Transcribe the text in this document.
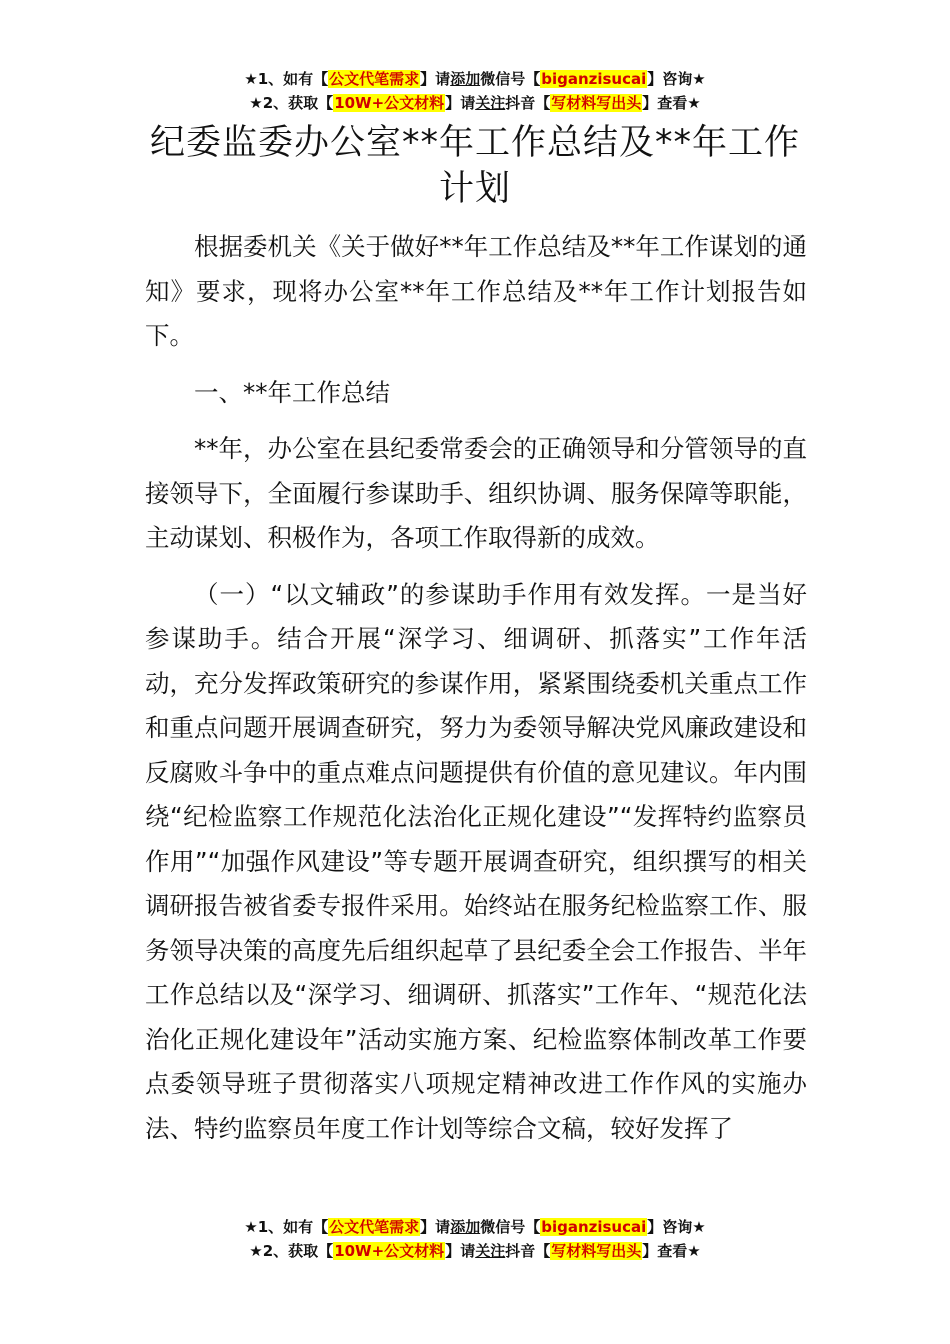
★1、如有【公文代笔需求】请添加微信号【biganzisucai】咨询★
★2、获取【10W+公文材料】请关注抖音【写材料写出头】查看★
纪委监委办公室**年工作总结及**年工作计划

根据委机关《关于做好**年工作总结及**年工作谋划的通知》要求，现将办公室**年工作总结及**年工作计划报告如下。

一、**年工作总结

**年，办公室在县纪委常委会的正确领导和分管领导的直接领导下，全面履行参谋助手、组织协调、服务保障等职能，主动谋划、积极作为，各项工作取得新的成效。

（一）“以文辅政”的参谋助手作用有效发挥。一是当好参谋助手。结合开展“深学习、细调研、抓落实”工作年活动，充分发挥政策研究的参谋作用，紧紧围绕委机关重点工作和重点问题开展调查研究，努力为委领导解决党风廉政建设和反腐败斗争中的重点难点问题提供有价值的意见建议。年内围绕“纪检监察工作规范化法治化正规化建设”“发挥特约监察员作用”“加强作风建设”等专题开展调查研究，组织撰写的相关调研报告被省委专报件采用。始终站在服务纪检监察工作、服务领导决策的高度先后组织起草了县纪委全会工作报告、半年工作总结以及“深学习、细调研、抓落实”工作年、“规范化法治化正规化建设年”活动实施方案、纪检监察体制改革工作要点委领导班子贯彻落实八项规定精神改进工作作风的实施办法、特约监察员年度工作计划等综合文稿，较好发挥了

★1、如有【公文代笔需求】请添加微信号【biganzisucai】咨询★
★2、获取【10W+公文材料】请关注抖音【写材料写出头】查看★
